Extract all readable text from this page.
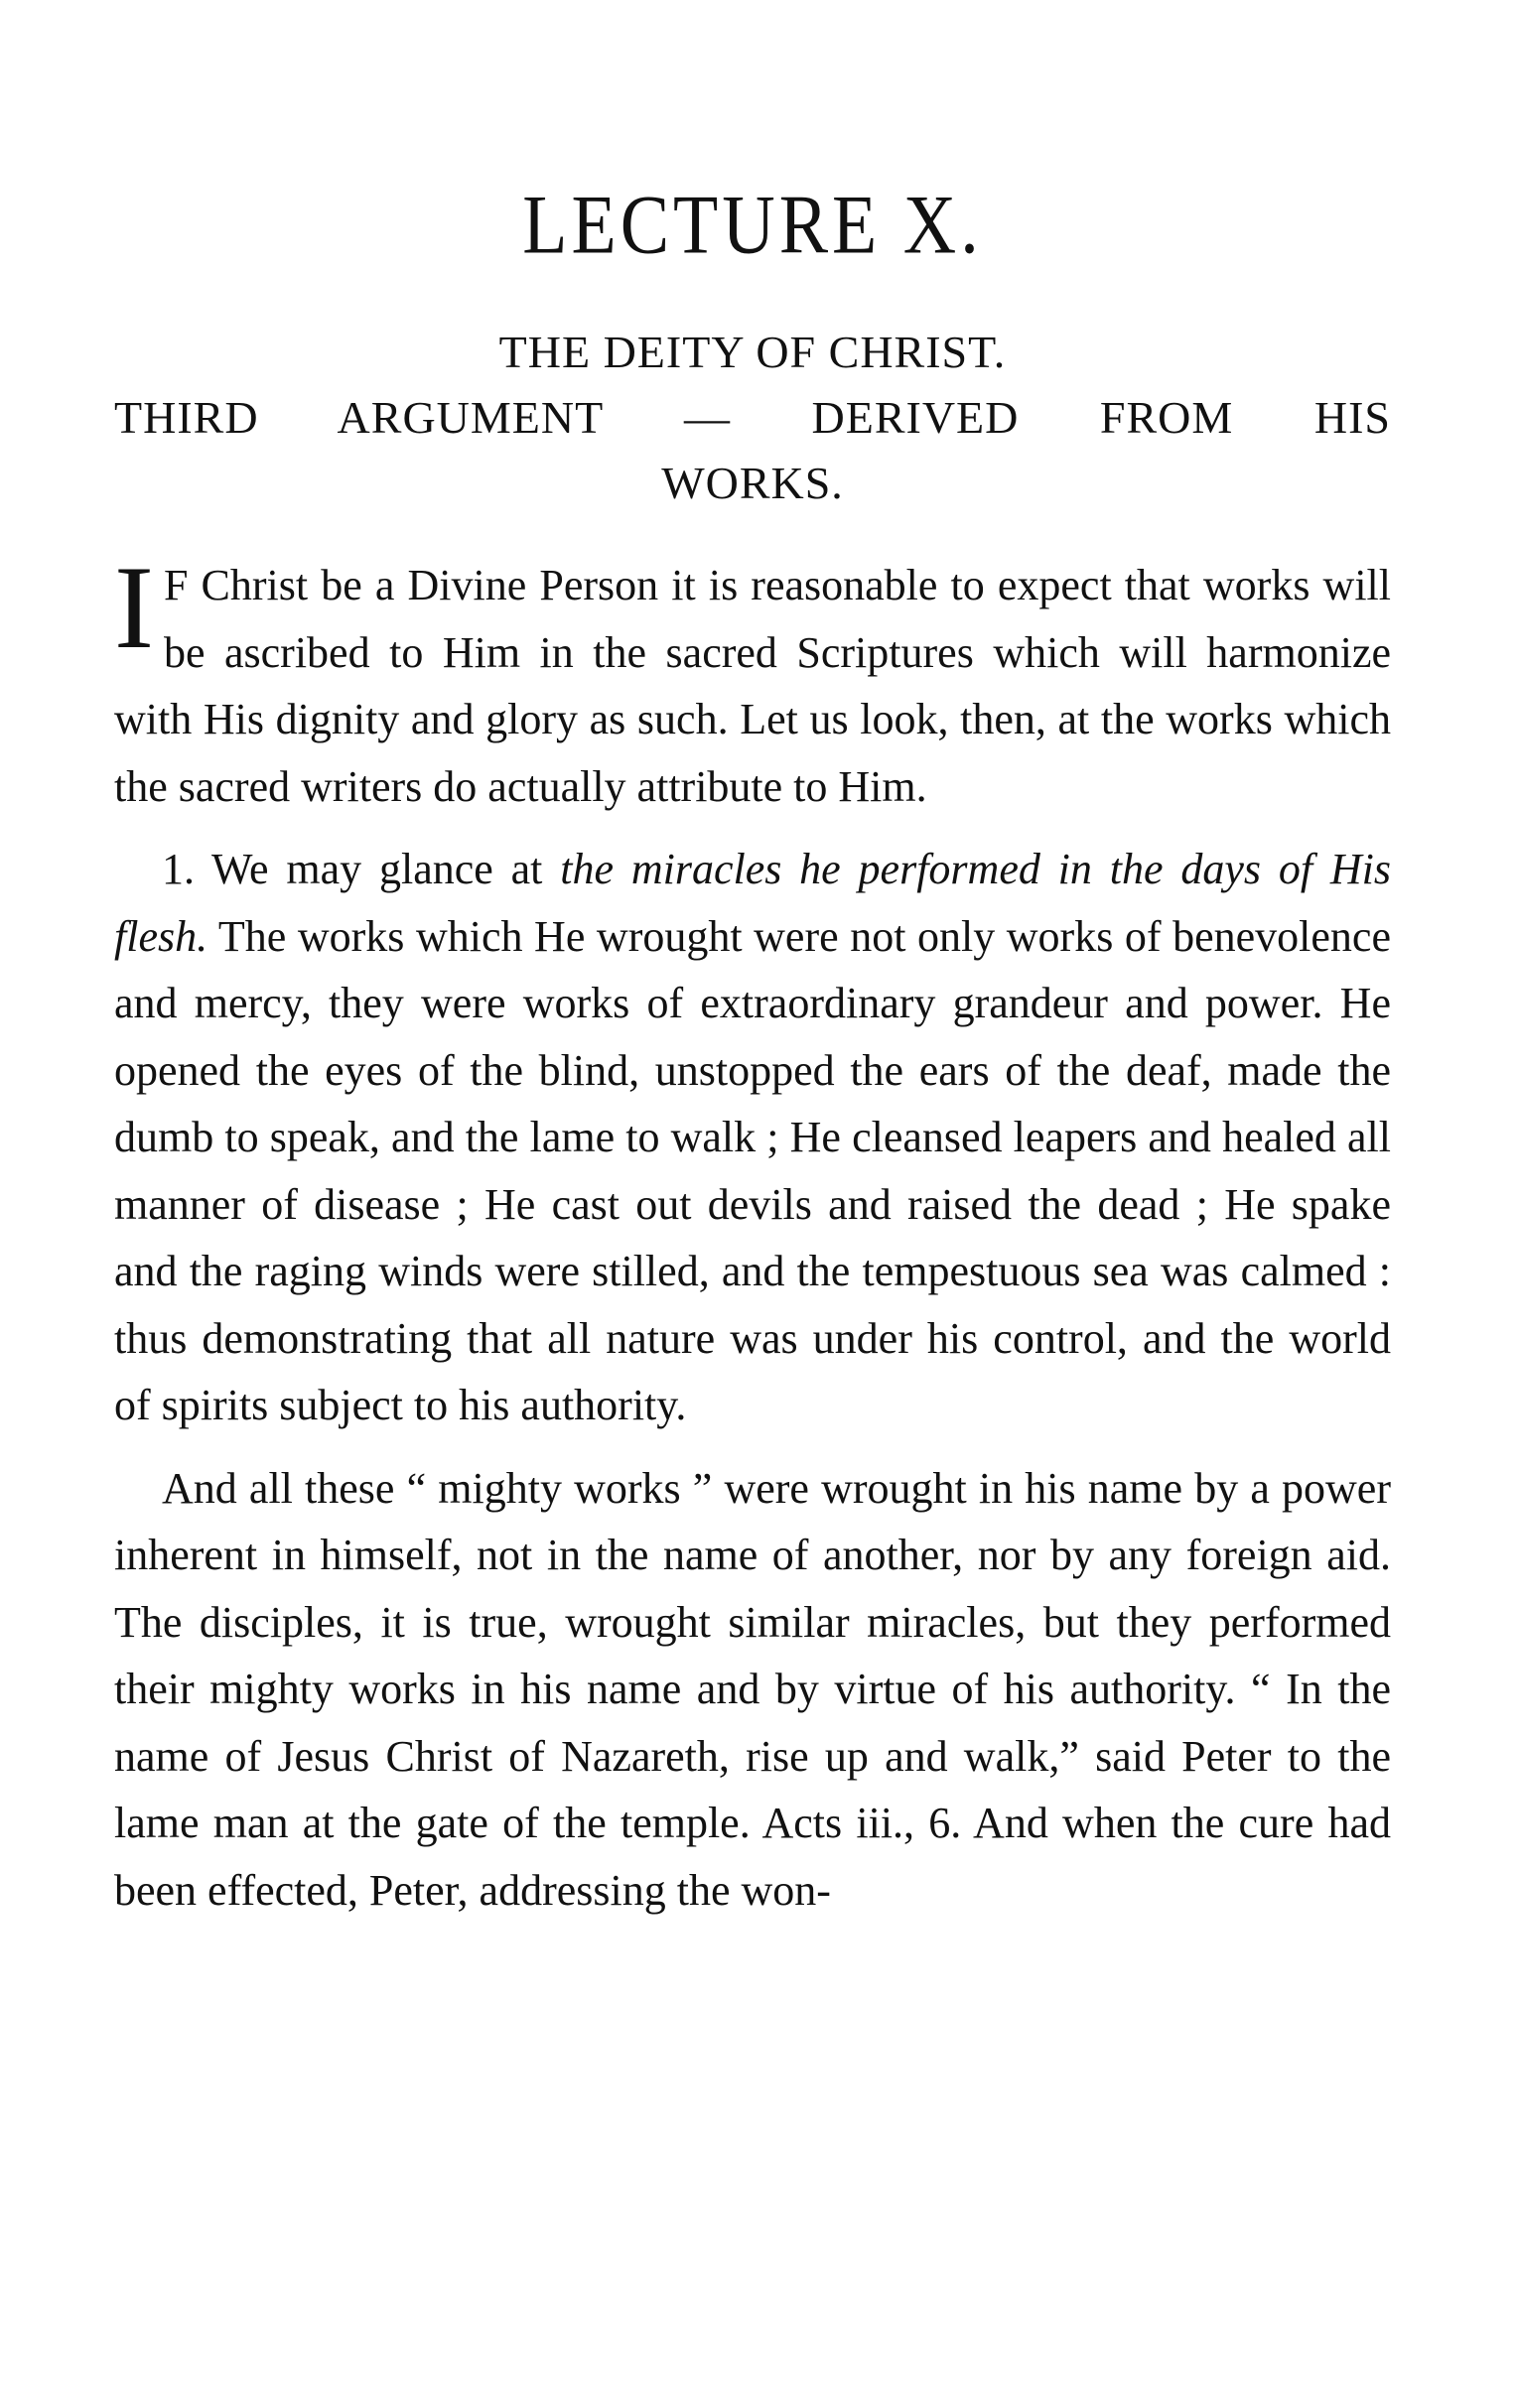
LECTURE X.
THE DEITY OF CHRIST.
THIRD ARGUMENT — DERIVED FROM HIS
WORKS.

I F Christ be a Divine Person it is reasonable to expect that works will be ascribed to Him in the sacred Scriptures which will harmonize with His dignity and glory as such. Let us look, then, at the works which the sacred writers do actually attribute to Him.

1. We may glance at the miracles he performed in the days of His flesh. The works which He wrought were not only works of benevolence and mercy, they were works of extraordinary grandeur and power. He opened the eyes of the blind, unstopped the ears of the deaf, made the dumb to speak, and the lame to walk ; He cleansed leapers and healed all manner of disease ; He cast out devils and raised the dead ; He spake and the raging winds were stilled, and the tempestuous sea was calmed : thus demonstrating that all nature was under his control, and the world of spirits subject to his authority.

And all these “ mighty works ” were wrought in his name by a power inherent in himself, not in the name of another, nor by any foreign aid. The disciples, it is true, wrought similar miracles, but they performed their mighty works in his name and by virtue of his authority. “ In the name of Jesus Christ of Nazareth, rise up and walk,” said Peter to the lame man at the gate of the temple. Acts iii., 6. And when the cure had been effected, Peter, addressing the won-
